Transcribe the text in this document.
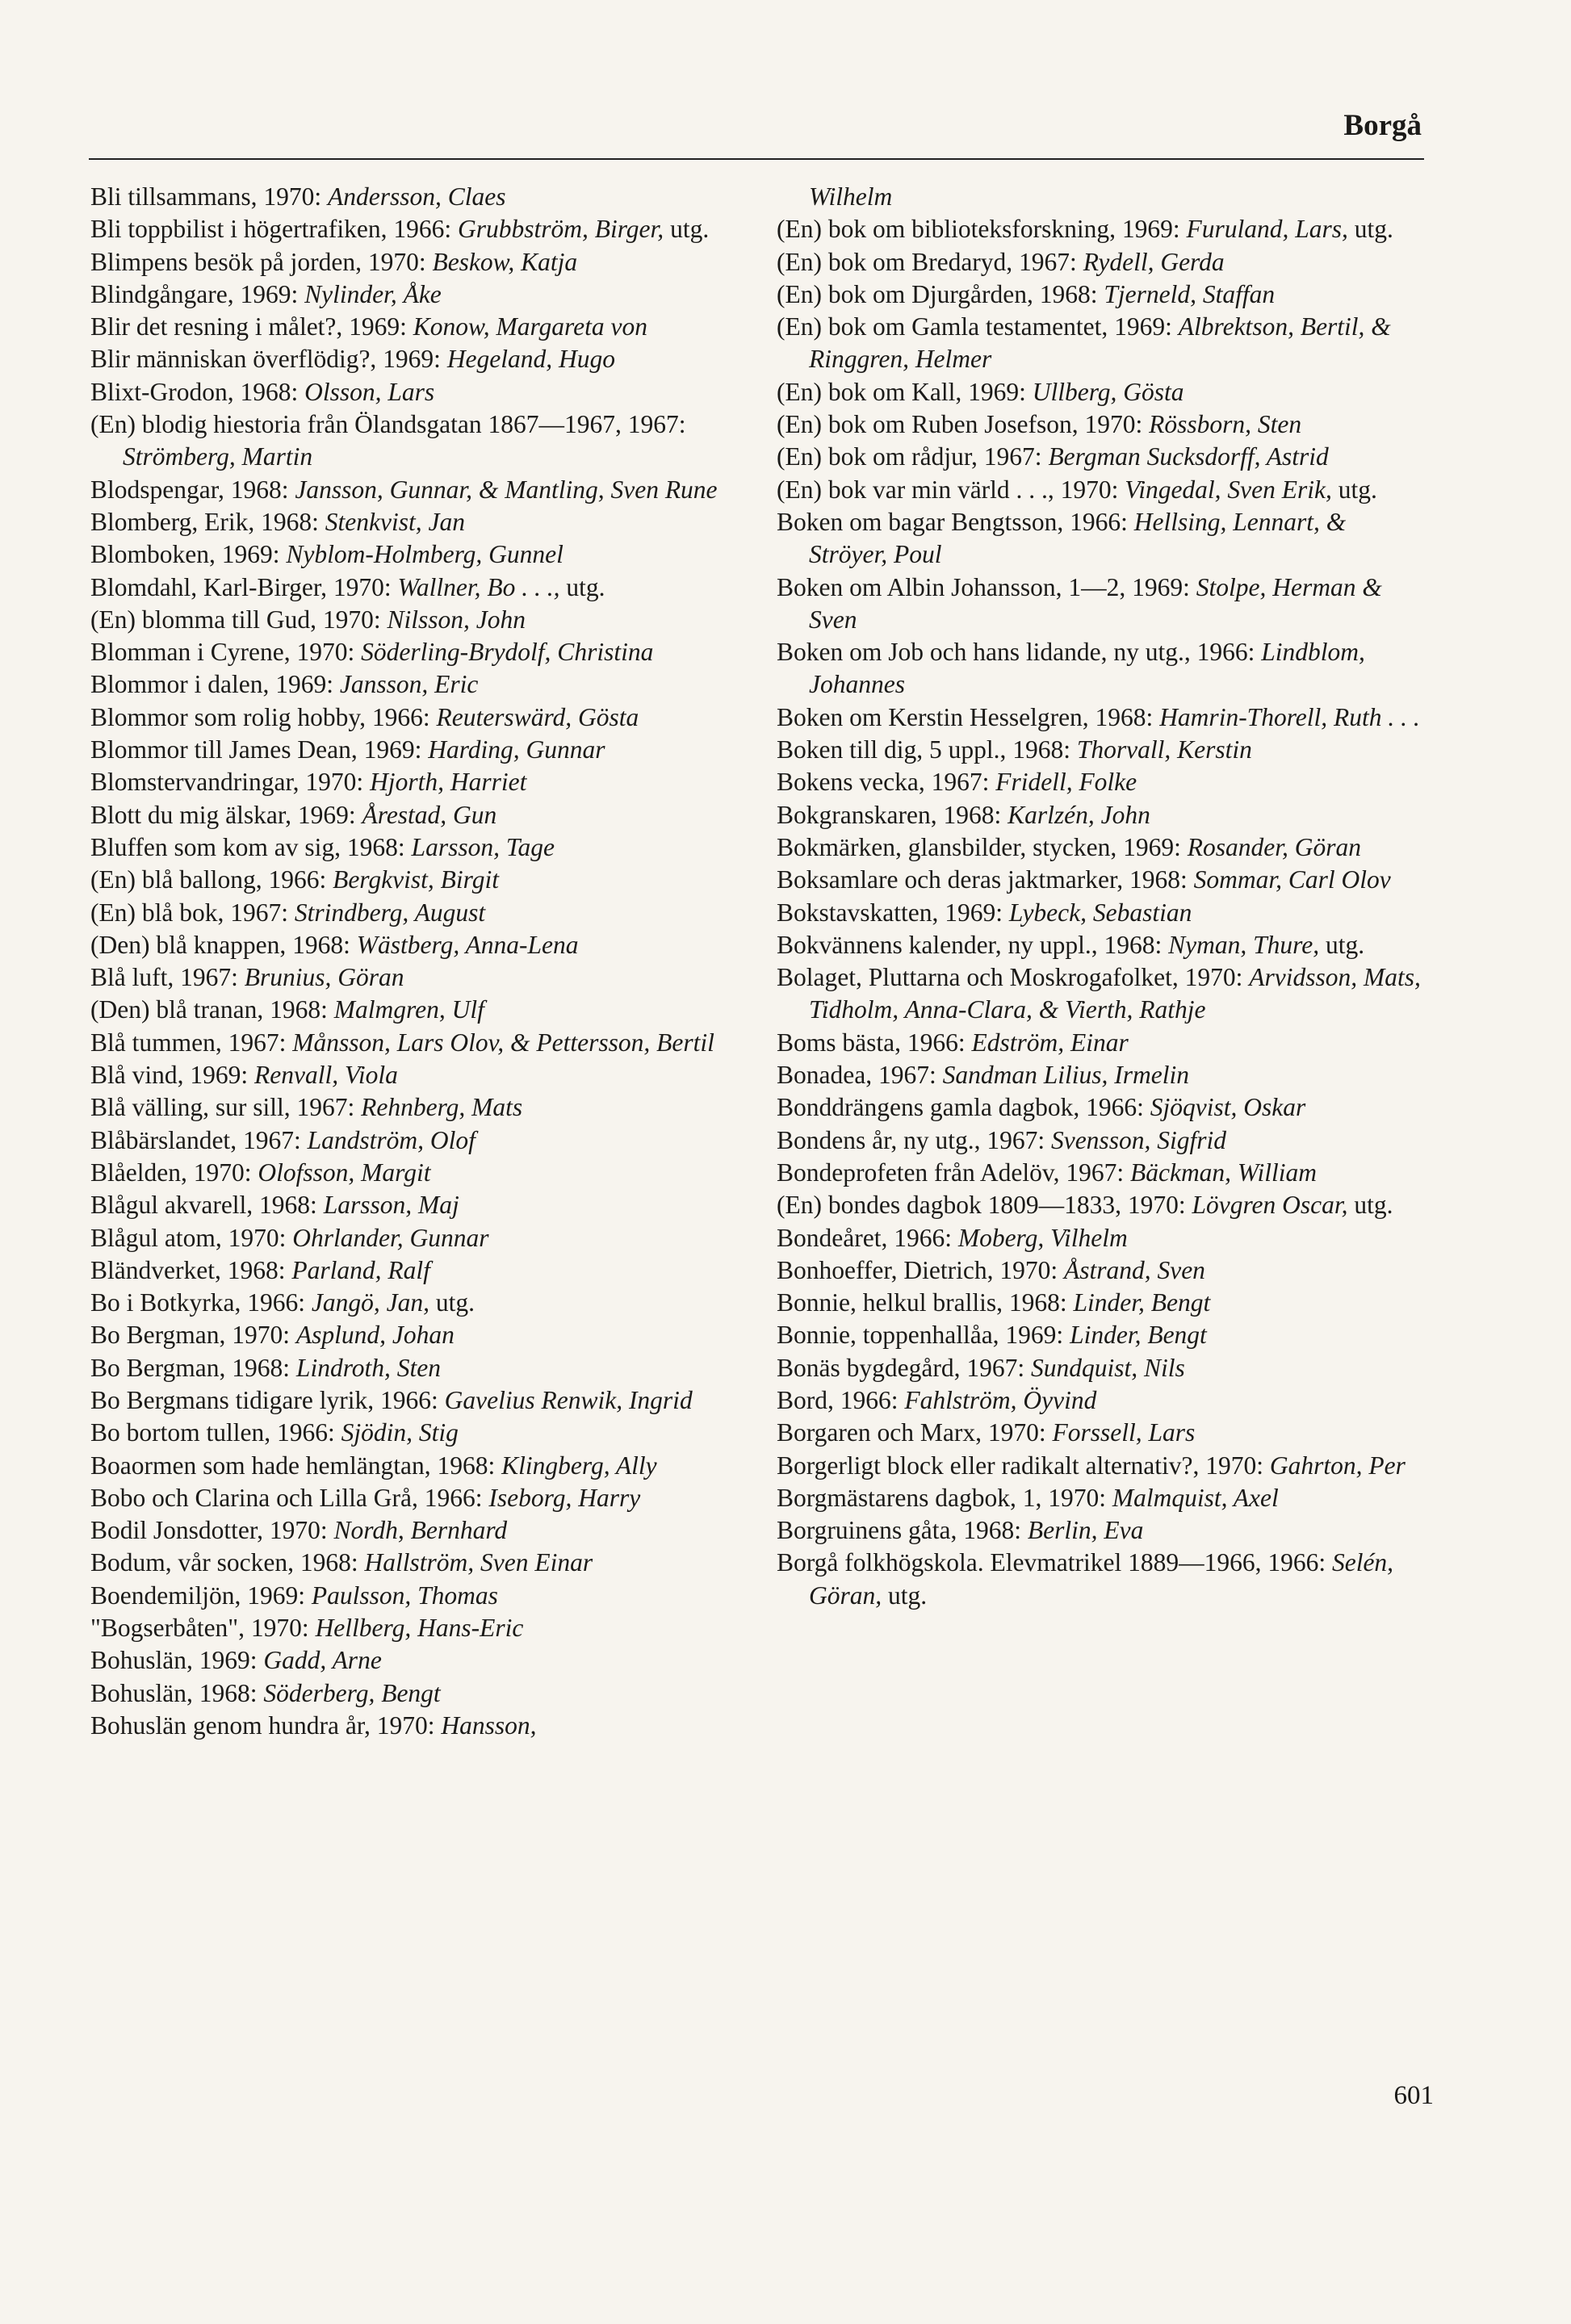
Borgå

Bli tillsammans, 1970: Andersson, Claes

Bli toppbilist i högertrafiken, 1966: Grubbström, Birger, utg.

Blimpens besök på jorden, 1970: Beskow, Katja

Blindgångare, 1969: Nylinder, Åke

Blir det resning i målet?, 1969: Konow, Margareta von

Blir människan överflödig?, 1969: Hegeland, Hugo

Blixt-Grodon, 1968: Olsson, Lars

(En) blodig hiestoria från Ölandsgatan 1867—1967, 1967: Strömberg, Martin

Blodspengar, 1968: Jansson, Gunnar, & Mantling, Sven Rune

Blomberg, Erik, 1968: Stenkvist, Jan

Blomboken, 1969: Nyblom-Holmberg, Gunnel

Blomdahl, Karl-Birger, 1970: Wallner, Bo . . ., utg.

(En) blomma till Gud, 1970: Nilsson, John

Blomman i Cyrene, 1970: Söderling-Brydolf, Christina

Blommor i dalen, 1969: Jansson, Eric

Blommor som rolig hobby, 1966: Reuterswärd, Gösta

Blommor till James Dean, 1969: Harding, Gunnar

Blomstervandringar, 1970: Hjorth, Harriet

Blott du mig älskar, 1969: Årestad, Gun

Bluffen som kom av sig, 1968: Larsson, Tage

(En) blå ballong, 1966: Bergkvist, Birgit

(En) blå bok, 1967: Strindberg, August

(Den) blå knappen, 1968: Wästberg, Anna-Lena

Blå luft, 1967: Brunius, Göran

(Den) blå tranan, 1968: Malmgren, Ulf

Blå tummen, 1967: Månsson, Lars Olov, & Pettersson, Bertil

Blå vind, 1969: Renvall, Viola

Blå välling, sur sill, 1967: Rehnberg, Mats

Blåbärslandet, 1967: Landström, Olof

Blåelden, 1970: Olofsson, Margit

Blågul akvarell, 1968: Larsson, Maj

Blågul atom, 1970: Ohrlander, Gunnar

Bländverket, 1968: Parland, Ralf

Bo i Botkyrka, 1966: Jangö, Jan, utg.

Bo Bergman, 1970: Asplund, Johan

Bo Bergman, 1968: Lindroth, Sten

Bo Bergmans tidigare lyrik, 1966: Gavelius Renwik, Ingrid

Bo bortom tullen, 1966: Sjödin, Stig

Boaormen som hade hemlängtan, 1968: Klingberg, Ally

Bobo och Clarina och Lilla Grå, 1966: Iseborg, Harry

Bodil Jonsdotter, 1970: Nordh, Bernhard

Bodum, vår socken, 1968: Hallström, Sven Einar

Boendemiljön, 1969: Paulsson, Thomas

"Bogserbåten", 1970: Hellberg, Hans-Eric

Bohuslän, 1969: Gadd, Arne

Bohuslän, 1968: Söderberg, Bengt

Bohuslän genom hundra år, 1970: Hansson,

Wilhelm

(En) bok om biblioteksforskning, 1969: Furuland, Lars, utg.

(En) bok om Bredaryd, 1967: Rydell, Gerda

(En) bok om Djurgården, 1968: Tjerneld, Staffan

(En) bok om Gamla testamentet, 1969: Albrektson, Bertil, & Ringgren, Helmer

(En) bok om Kall, 1969: Ullberg, Gösta

(En) bok om Ruben Josefson, 1970: Rössborn, Sten

(En) bok om rådjur, 1967: Bergman Sucksdorff, Astrid

(En) bok var min värld . . ., 1970: Vingedal, Sven Erik, utg.

Boken om bagar Bengtsson, 1966: Hellsing, Lennart, & Ströyer, Poul

Boken om Albin Johansson, 1—2, 1969: Stolpe, Herman & Sven

Boken om Job och hans lidande, ny utg., 1966: Lindblom, Johannes

Boken om Kerstin Hesselgren, 1968: Hamrin-Thorell, Ruth . . .

Boken till dig, 5 uppl., 1968: Thorvall, Kerstin

Bokens vecka, 1967: Fridell, Folke

Bokgranskaren, 1968: Karlzén, John

Bokmärken, glansbilder, stycken, 1969: Rosander, Göran

Boksamlare och deras jaktmarker, 1968: Sommar, Carl Olov

Bokstavskatten, 1969: Lybeck, Sebastian

Bokvännens kalender, ny uppl., 1968: Nyman, Thure, utg.

Bolaget, Pluttarna och Moskrogafolket, 1970: Arvidsson, Mats, Tidholm, Anna-Clara, & Vierth, Rathje

Boms bästa, 1966: Edström, Einar

Bonadea, 1967: Sandman Lilius, Irmelin

Bonddrängens gamla dagbok, 1966: Sjöqvist, Oskar

Bondens år, ny utg., 1967: Svensson, Sigfrid

Bondeprofeten från Adelöv, 1967: Bäckman, William

(En) bondes dagbok 1809—1833, 1970: Lövgren Oscar, utg.

Bondeåret, 1966: Moberg, Vilhelm

Bonhoeffer, Dietrich, 1970: Åstrand, Sven

Bonnie, helkul brallis, 1968: Linder, Bengt

Bonnie, toppenhallåa, 1969: Linder, Bengt

Bonäs bygdegård, 1967: Sundquist, Nils

Bord, 1966: Fahlström, Öyvind

Borgaren och Marx, 1970: Forssell, Lars

Borgerligt block eller radikalt alternativ?, 1970: Gahrton, Per

Borgmästarens dagbok, 1, 1970: Malmquist, Axel

Borgruinens gåta, 1968: Berlin, Eva

Borgå folkhögskola. Elevmatrikel 1889—1966, 1966: Selén, Göran, utg.

601
